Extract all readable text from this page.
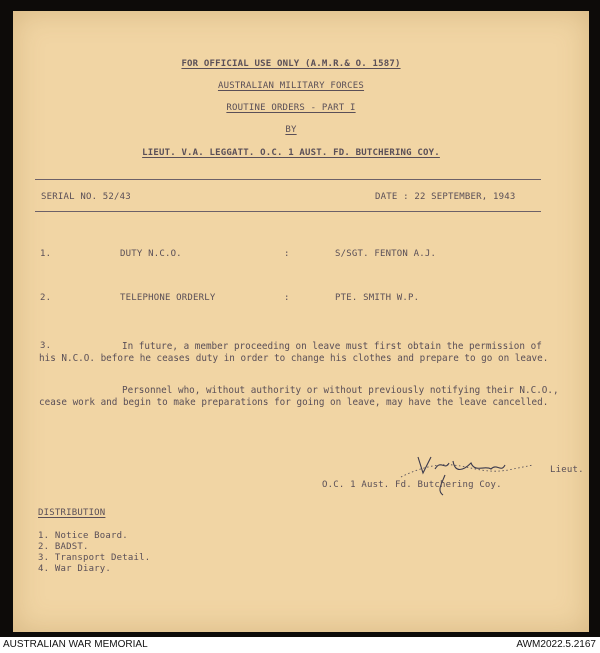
FOR OFFICIAL USE ONLY (A.M.R.& O. 1587)
AUSTRALIAN MILITARY FORCES
ROUTINE ORDERS - PART I
BY
LIEUT. V.A. LEGGATT. O.C. 1 AUST. FD. BUTCHERING COY.
SERIAL NO. 52/43	DATE : 22 SEPTEMBER, 1943
1.	DUTY N.C.O.	:	S/SGT. FENTON A.J.
2.	TELEPHONE ORDERLY	:	PTE. SMITH W.P.
3.	In future, a member proceeding on leave must first obtain the permission of his N.C.O. before he ceases duty in order to change his clothes and prepare to go on leave.
Personnel who, without authority or without previously notifying their N.C.O., cease work and begin to make preparations for going on leave, may have the leave cancelled.
Lieut.
O.C. 1 Aust. Fd. Butchering Coy.
DISTRIBUTION
1. Notice Board.
2. BADST.
3. Transport Detail.
4. War Diary.
AUSTRALIAN WAR MEMORIAL	AWM2022.5.2167
